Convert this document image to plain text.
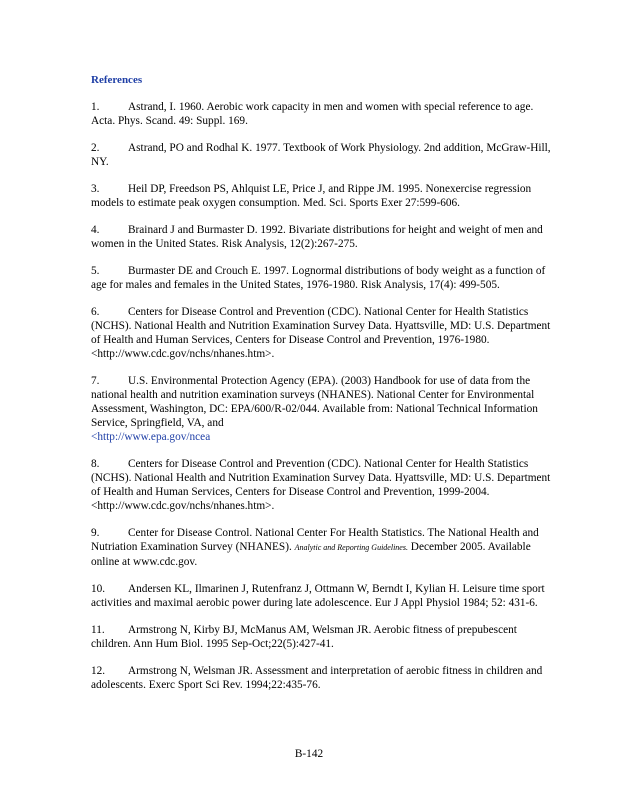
References
1.	Astrand, I. 1960. Aerobic work capacity in men and women with special reference to age. Acta. Phys. Scand. 49: Suppl. 169.
2.	Astrand, PO and Rodhal K. 1977. Textbook of Work Physiology. 2nd addition, McGraw-Hill, NY.
3.	Heil DP, Freedson PS, Ahlquist LE, Price J, and Rippe JM. 1995. Nonexercise regression models to estimate peak oxygen consumption. Med. Sci. Sports Exer 27:599-606.
4.	Brainard J and Burmaster D. 1992. Bivariate distributions for height and weight of men and women in the United States. Risk Analysis, 12(2):267-275.
5.	Burmaster DE and Crouch E. 1997. Lognormal distributions of body weight as a function of age for males and females in the United States, 1976-1980. Risk Analysis, 17(4): 499-505.
6.	Centers for Disease Control and Prevention (CDC). National Center for Health Statistics (NCHS). National Health and Nutrition Examination Survey Data. Hyattsville, MD: U.S. Department of Health and Human Services, Centers for Disease Control and Prevention, 1976-1980. <http://www.cdc.gov/nchs/nhanes.htm>.
7.	U.S. Environmental Protection Agency (EPA). (2003) Handbook for use of data from the national health and nutrition examination surveys (NHANES). National Center for Environmental Assessment, Washington, DC: EPA/600/R-02/044. Available from: National Technical Information Service, Springfield, VA, and
<http://www.epa.gov/ncea
8.	Centers for Disease Control and Prevention (CDC). National Center for Health Statistics (NCHS). National Health and Nutrition Examination Survey Data. Hyattsville, MD: U.S. Department of Health and Human Services, Centers for Disease Control and Prevention, 1999-2004. <http://www.cdc.gov/nchs/nhanes.htm>.
9.	Center for Disease Control. National Center For Health Statistics. The National Health and Nutriation Examination Survey (NHANES). Analytic and Reporting Guidelines. December 2005. Available online at www.cdc.gov.
10. Andersen KL, Ilmarinen J, Rutenfranz J, Ottmann W, Berndt I, Kylian H. Leisure time sport activities and maximal aerobic power during late adolescence. Eur J Appl Physiol 1984; 52: 431-6.
11. Armstrong N, Kirby BJ, McManus AM, Welsman JR. Aerobic fitness of prepubescent children. Ann Hum Biol. 1995 Sep-Oct;22(5):427-41.
12. Armstrong N, Welsman JR. Assessment and interpretation of aerobic fitness in children and adolescents. Exerc Sport Sci Rev. 1994;22:435-76.
B-142
